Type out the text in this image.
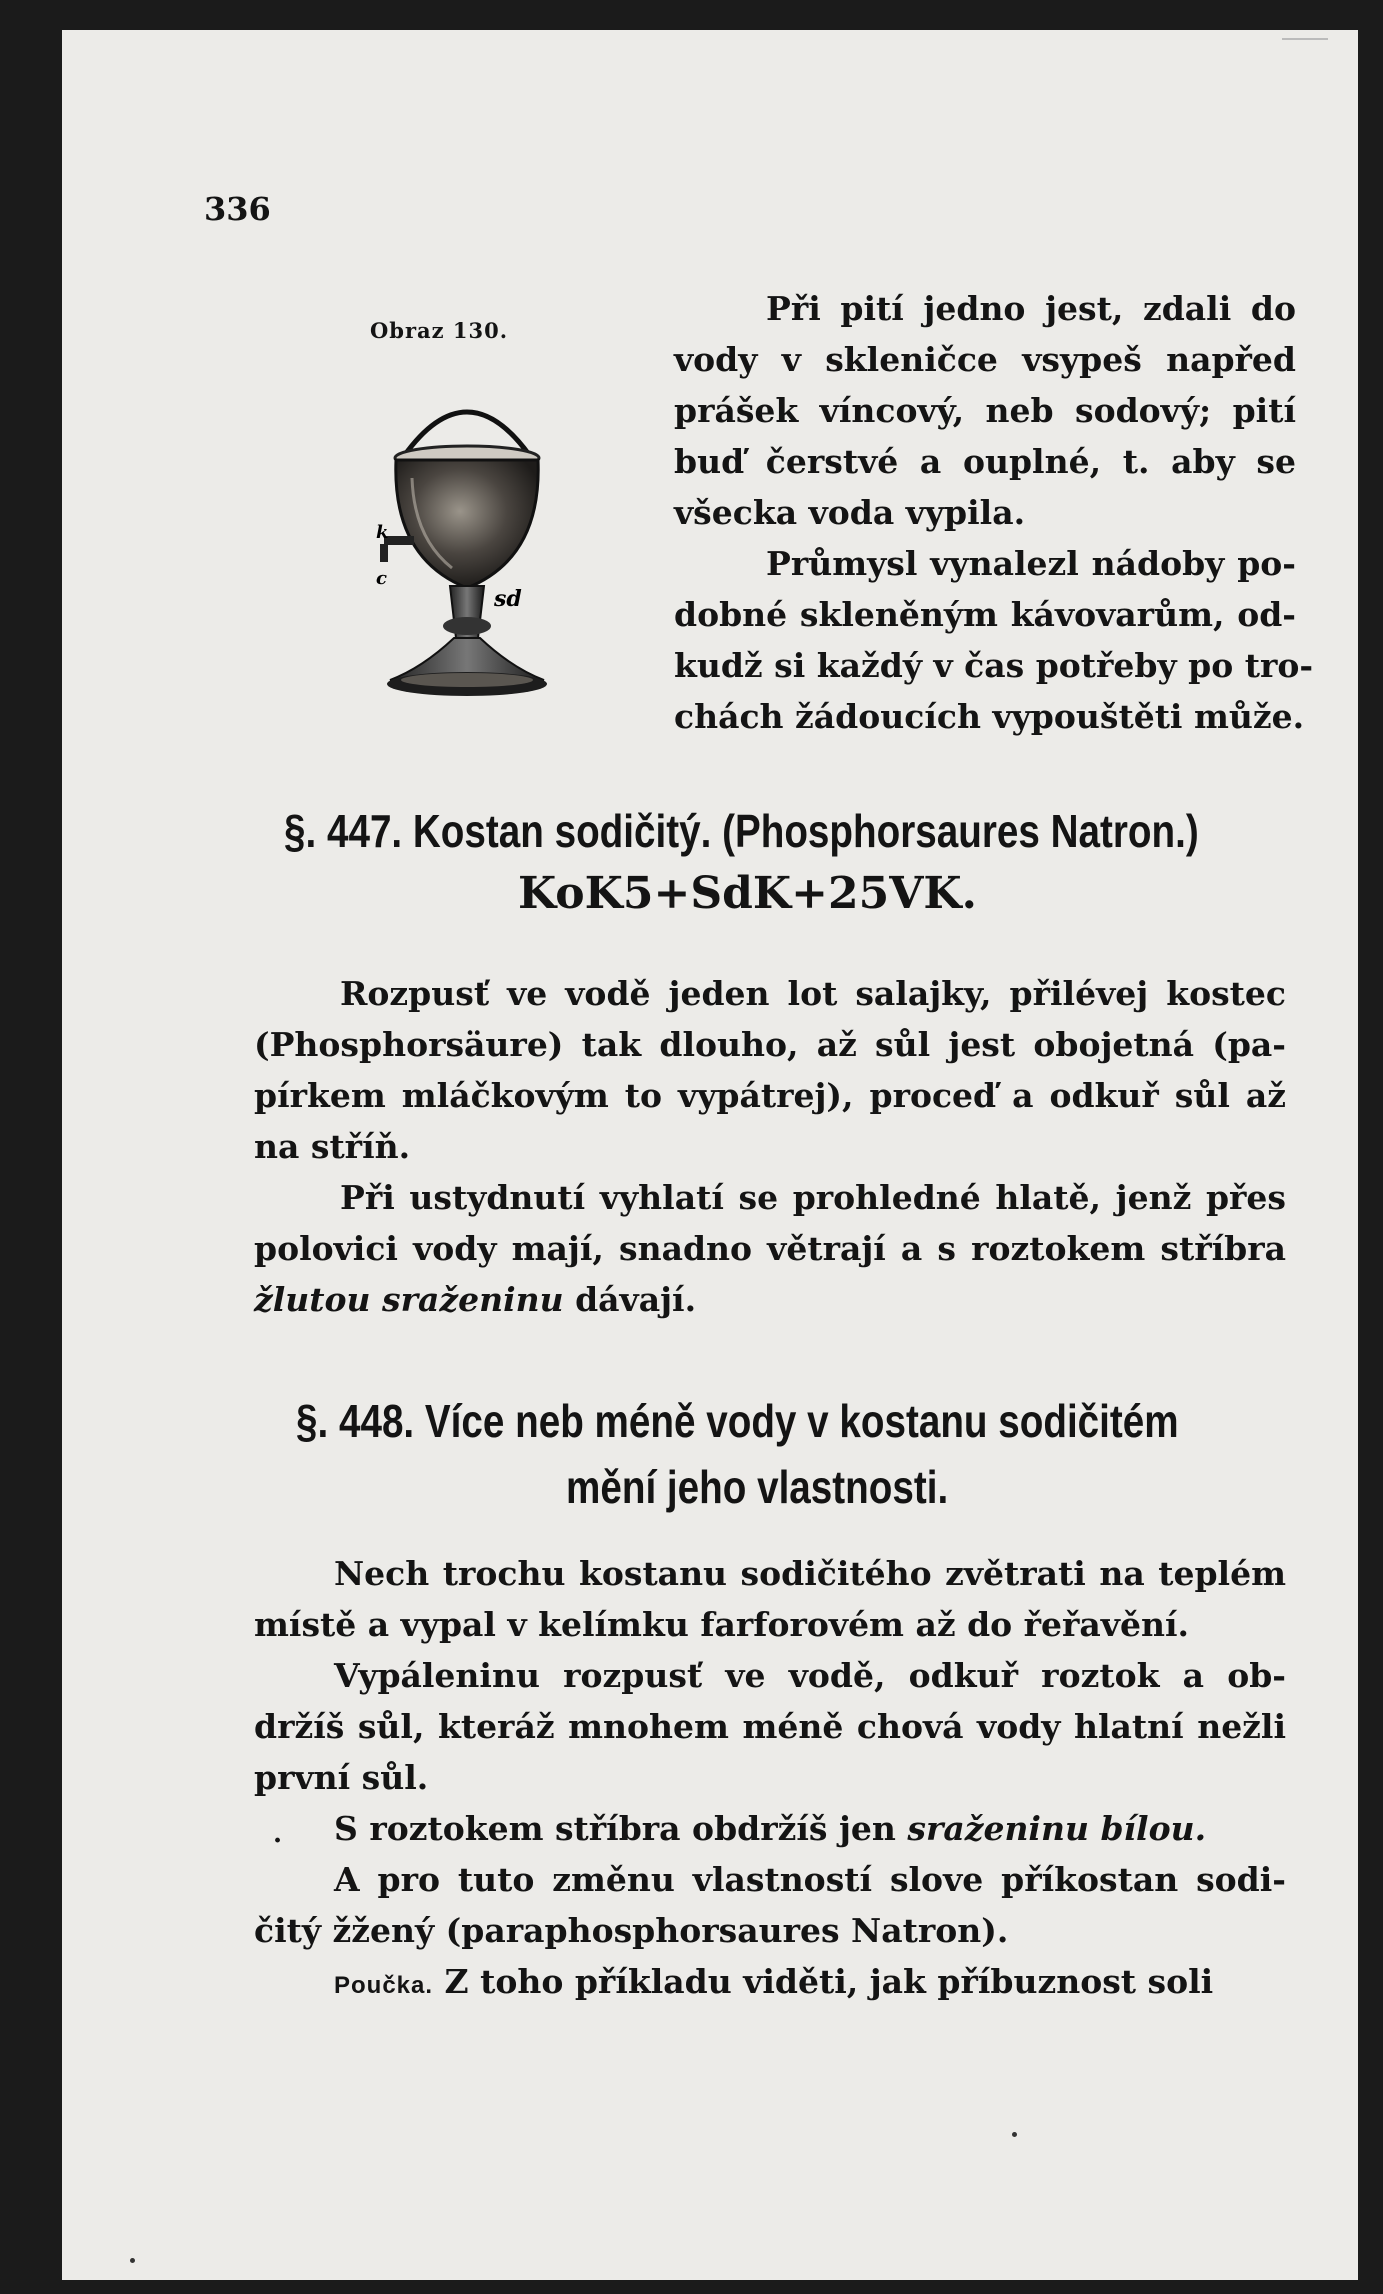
336
Obraz 130.
k
c
sd
Při pití jedno jest, zdali do
vody v skleničce vsypeš napřed
prášek víncový, neb sodový; pití
buď čerstvé a ouplné, t. aby se
všecka voda vypila.
Průmysl vynalezl nádoby po-
dobné skleněným kávovarům, od-
kudž si každý v čas potřeby po tro-
chách žádoucích vypouštěti může.
§. 447. Kostan sodičitý. (Phosphorsaures Natron.)
KoK5+SdK+25VK.
Rozpusť ve vodě jeden lot salajky, přilévej kostec
(Phosphorsäure) tak dlouho, až sůl jest obojetná (pa-
pírkem mláčkovým to vypátrej), proceď a odkuř sůl až
na stříň.
Při ustydnutí vyhlatí se prohledné hlatě, jenž přes
polovici vody mají, snadno větrají a s roztokem stříbra
žlutou sraženinu dávají.
§. 448. Více neb méně vody v kostanu sodičitém
mění jeho vlastnosti.
Nech trochu kostanu sodičitého zvětrati na teplém
místě a vypal v kelímku farforovém až do řeřavění.
Vypáleninu rozpusť ve vodě, odkuř roztok a ob-
držíš sůl, kteráž mnohem méně chová vody hlatní nežli
první sůl.
·	S roztokem stříbra obdržíš jen sraženinu bílou.
A pro tuto změnu vlastností slove příkostan sodi-
čitý žžený (paraphosphorsaures Natron).
Poučka. Z toho příkladu viděti, jak příbuznost soli
